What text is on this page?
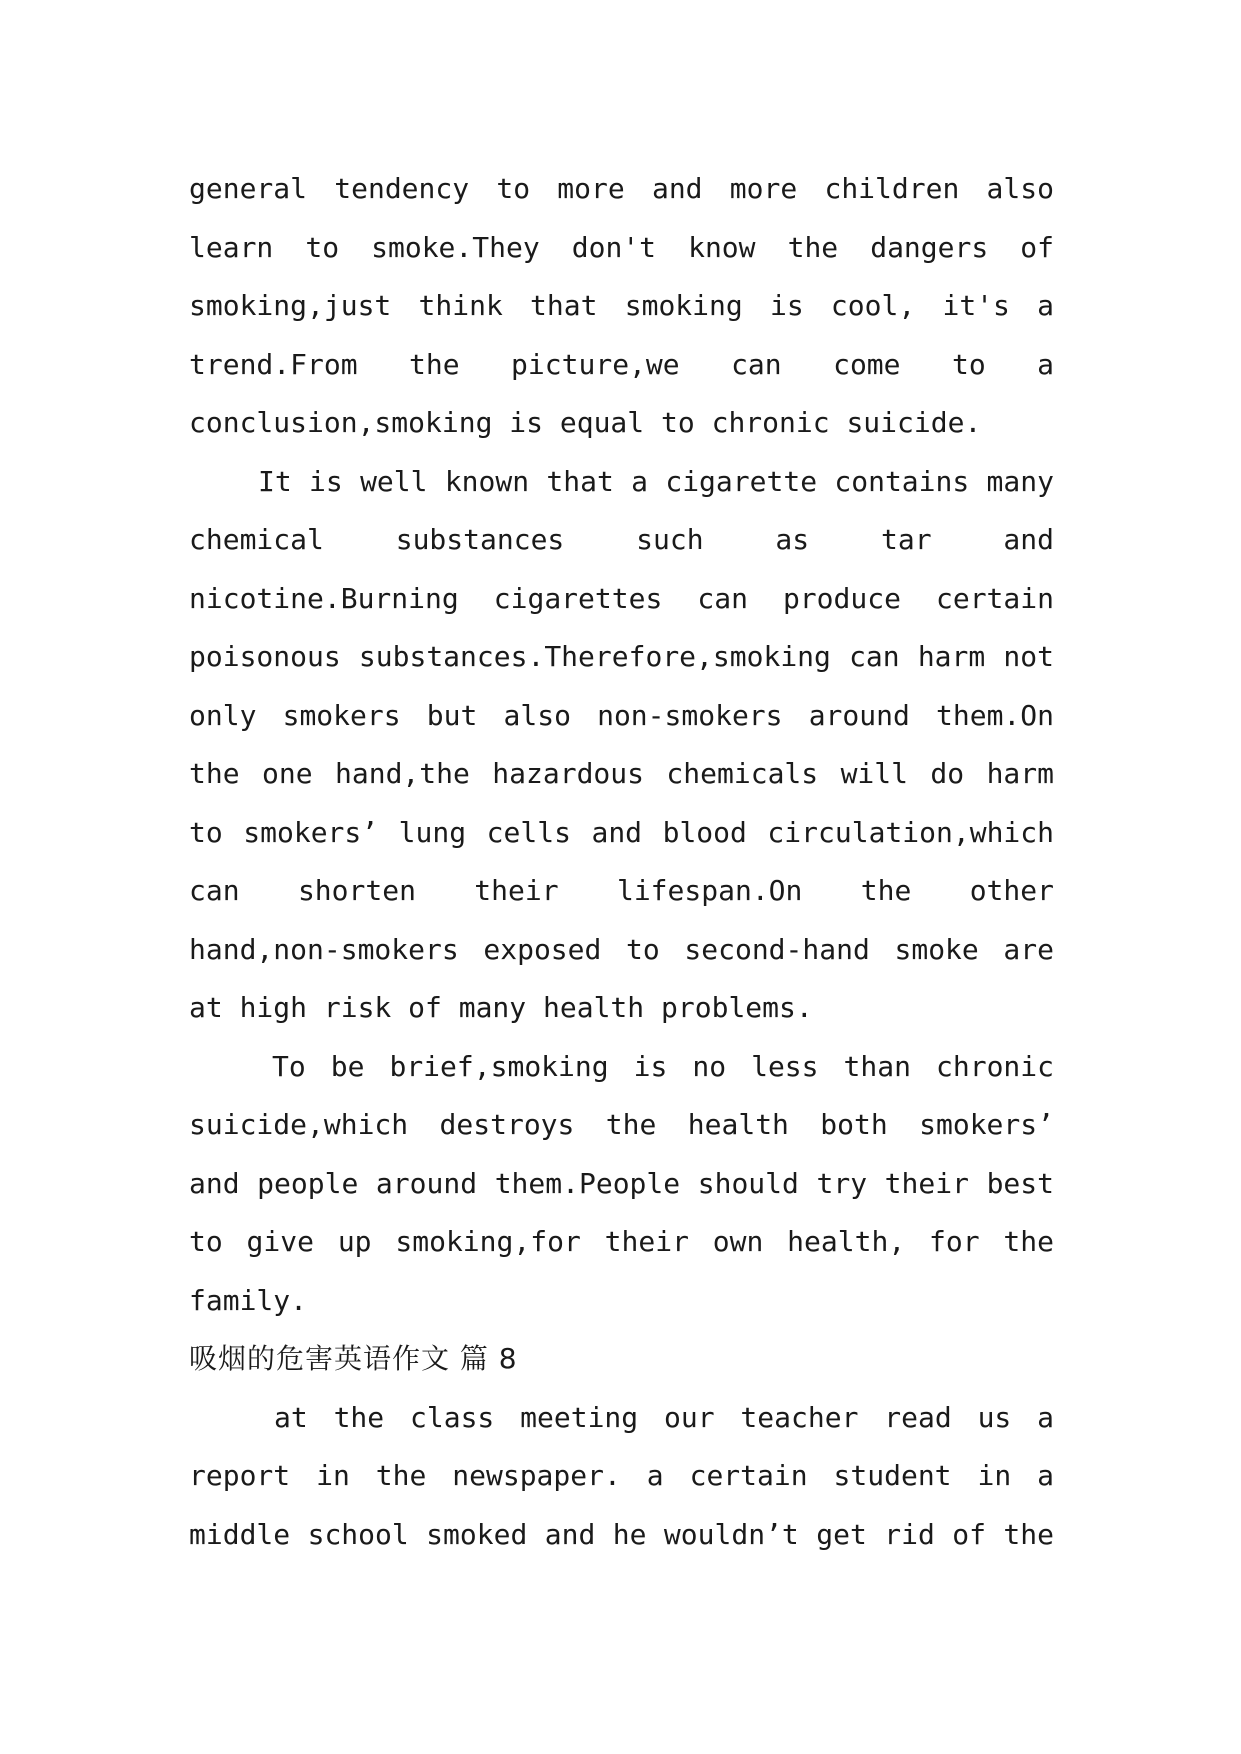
general tendency to more and more children also
learn to smoke.They don't know the dangers of
smoking,just think that smoking is cool, it's a
trend.From the picture,we can come to a
conclusion,smoking is equal to chronic suicide.
It is well known that a cigarette contains many
chemical substances such as tar and
nicotine.Burning cigarettes can produce certain
poisonous substances.Therefore,smoking can harm not
only smokers but also non-smokers around them.On
the one hand,the hazardous chemicals will do harm
to smokers’ lung cells and blood circulation,which
can shorten their lifespan.On the other
hand,non-smokers exposed to second-hand smoke are
at high risk of many health problems.
To be brief,smoking is no less than chronic
suicide,which destroys the health both smokers’
and people around them.People should try their best
to give up smoking,for their own health, for the
family.
吸烟的危害英语作文 篇 8
at the class meeting our teacher read us a
report in the newspaper. a certain student in a
middle school smoked and he wouldn’t get rid of the
